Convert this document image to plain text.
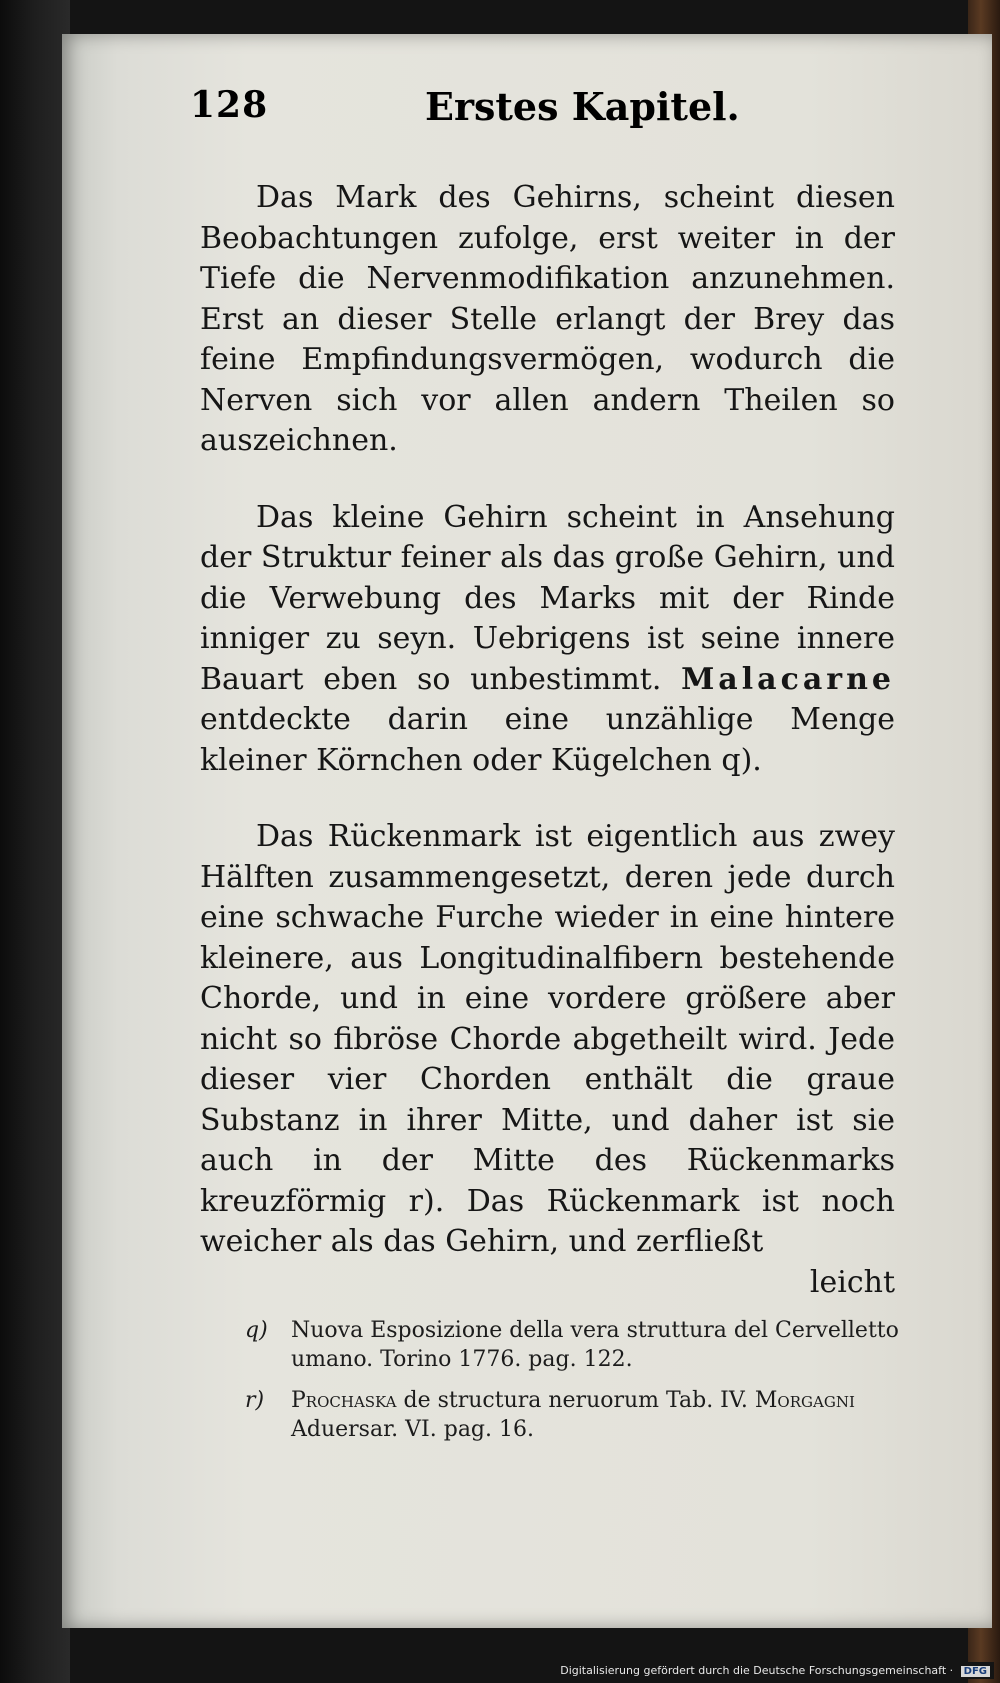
128	Erstes Kapitel.

Das Mark des Gehirns, scheint diesen Beobachtungen zufolge, erst weiter in der Tiefe die Nervenmodifikation anzunehmen. Erst an dieser Stelle erlangt der Brey das feine Empfindungsvermögen, wodurch die Nerven sich vor allen andern Theilen so auszeichnen.

Das kleine Gehirn scheint in Ansehung der Struktur feiner als das große Gehirn, und die Verwebung des Marks mit der Rinde inniger zu seyn. Uebrigens ist seine innere Bauart eben so unbestimmt. Malacarne entdeckte darin eine unzählige Menge kleiner Körnchen oder Kügelchen q).

Das Rückenmark ist eigentlich aus zwey Hälften zusammengesetzt, deren jede durch eine schwache Furche wieder in eine hintere kleinere, aus Longitudinalfibern bestehende Chorde, und in eine vordere größere aber nicht so fibröse Chorde abgetheilt wird. Jede dieser vier Chorden enthält die graue Substanz in ihrer Mitte, und daher ist sie auch in der Mitte des Rückenmarks kreuzförmig r). Das Rückenmark ist noch weicher als das Gehirn, und zerfließt

leicht
q) Nuova Esposizione della vera struttura del Cervelletto umano. Torino 1776. pag. 122.
r) Prochaska de structura neruorum Tab. IV. Morgagni Aduersar. VI. pag. 16.
Digitalisierung gefördert durch die Deutsche Forschungsgemeinschaft · DFG
